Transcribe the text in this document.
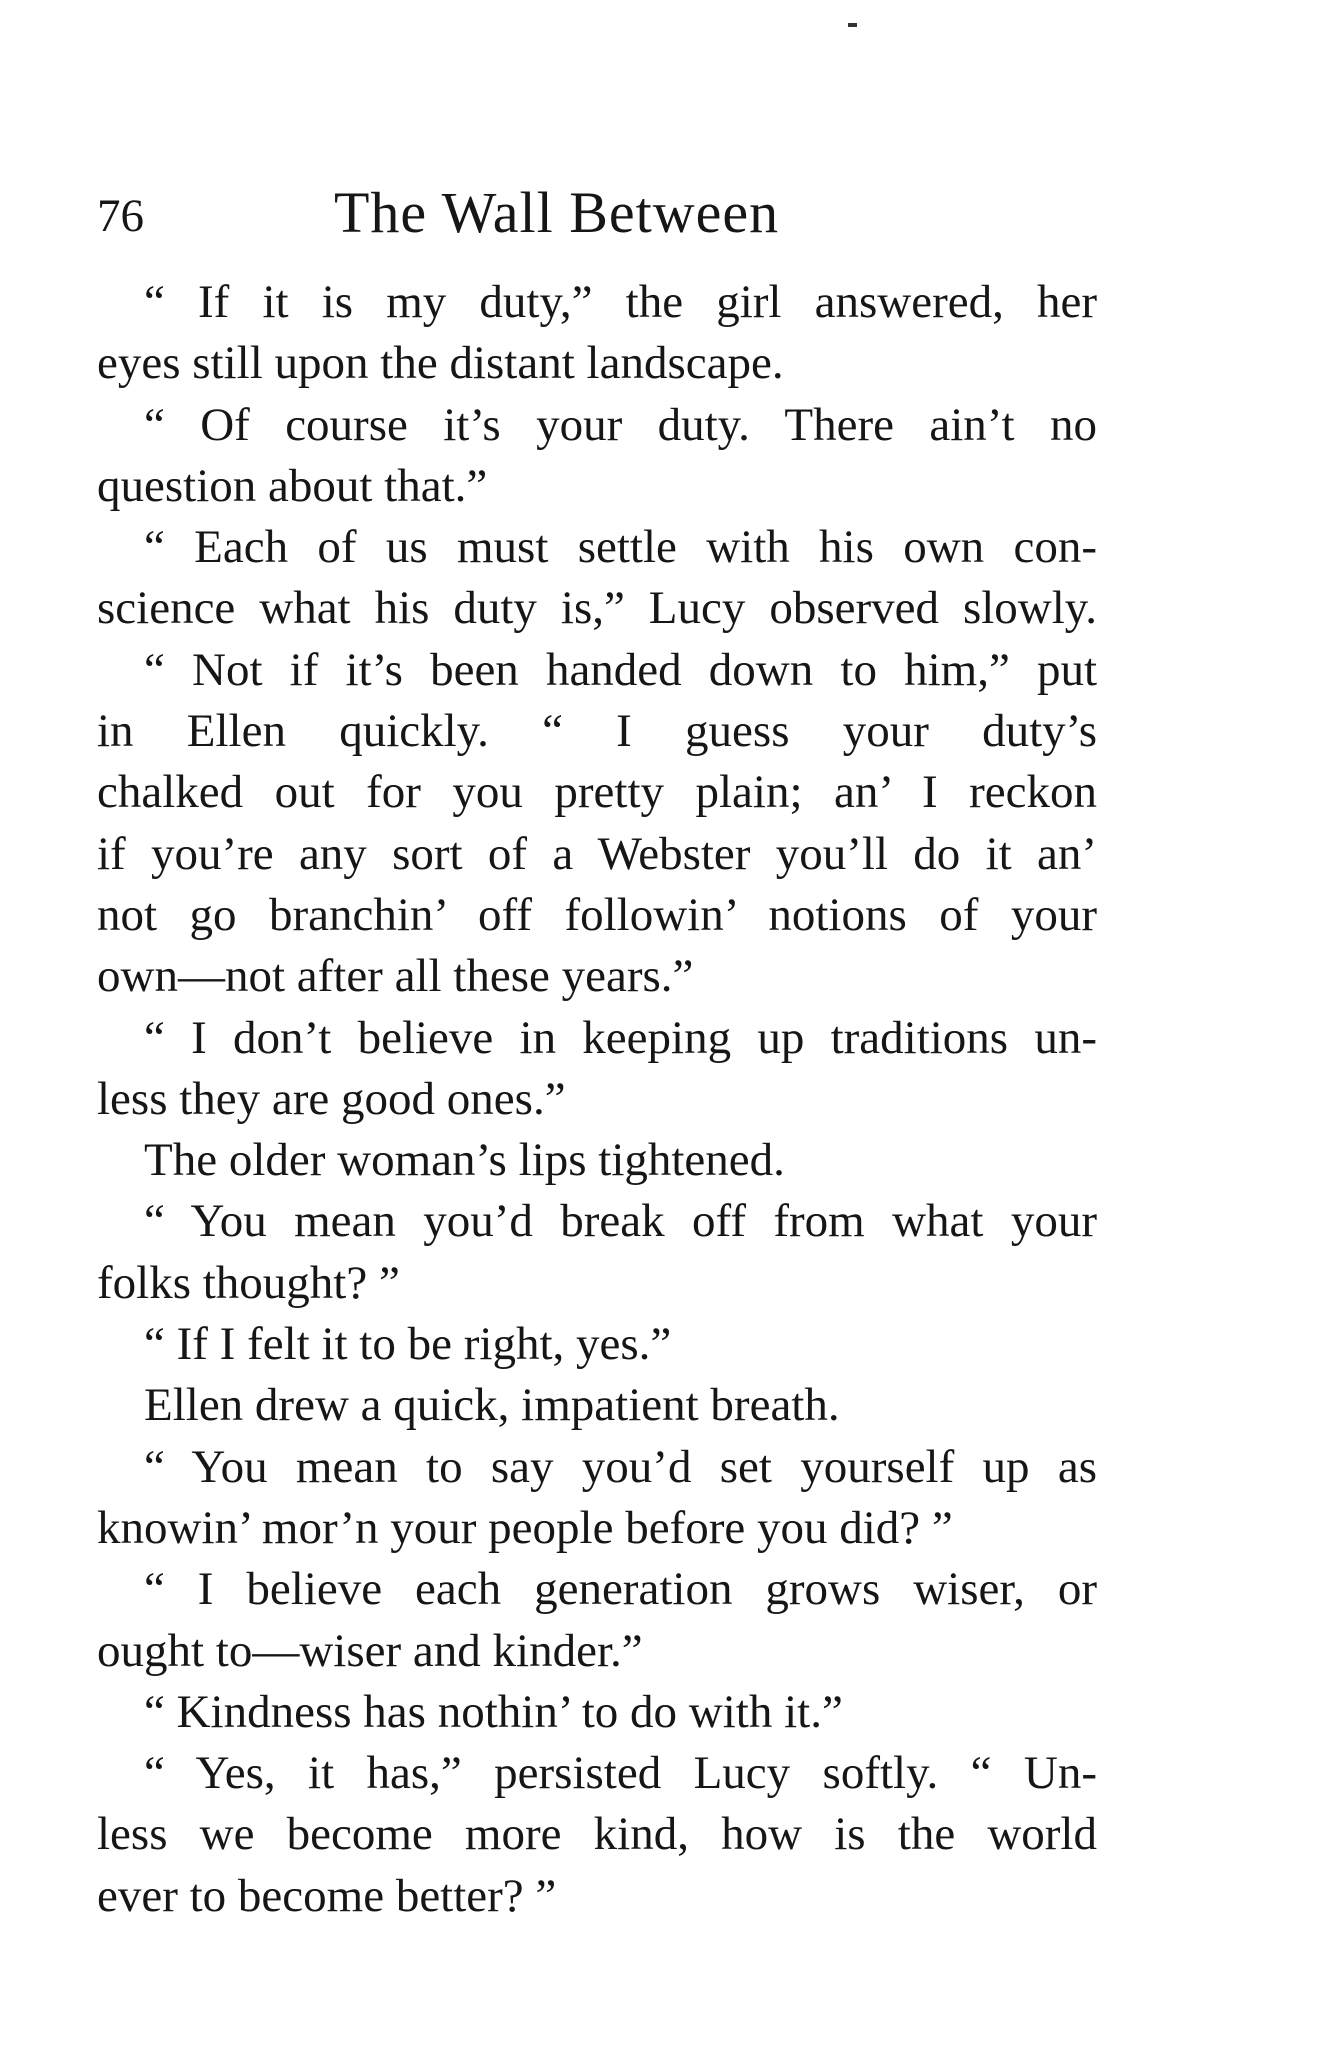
76	The Wall Between

“ If it is my duty,” the girl answered, her
eyes still upon the distant landscape.

“ Of course it’s your duty. There ain’t no
question about that.”

“ Each of us must settle with his own con-
science what his duty is,” Lucy observed slowly.

“ Not if it’s been handed down to him,” put
in Ellen quickly. “ I guess your duty’s
chalked out for you pretty plain; an’ I reckon
if you’re any sort of a Webster you’ll do it an’
not go branchin’ off followin’ notions of your
own—not after all these years.”

“ I don’t believe in keeping up traditions un-
less they are good ones.”

The older woman’s lips tightened.

“ You mean you’d break off from what your
folks thought? ”

“ If I felt it to be right, yes.”

Ellen drew a quick, impatient breath.

“ You mean to say you’d set yourself up as
knowin’ mor’n your people before you did? ”

“ I believe each generation grows wiser, or
ought to—wiser and kinder.”

“ Kindness has nothin’ to do with it.”

“ Yes, it has,” persisted Lucy softly. “ Un-
less we become more kind, how is the world
ever to become better? ”
